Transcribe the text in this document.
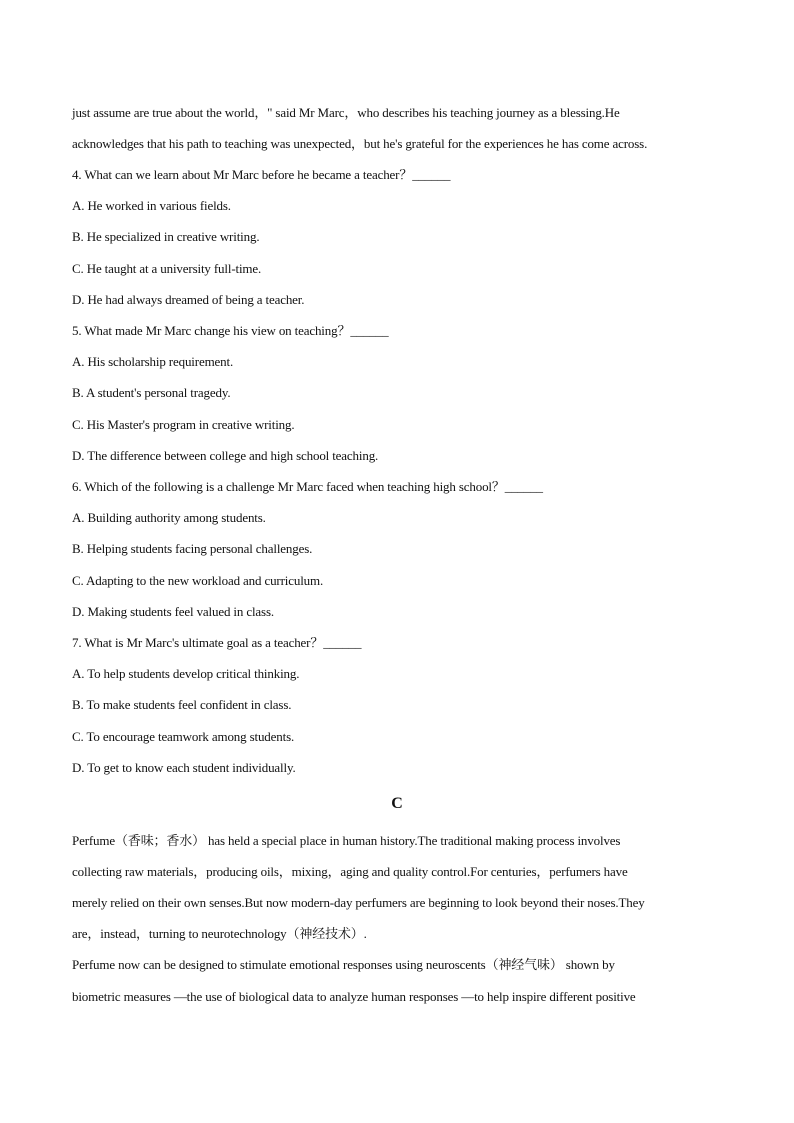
just assume are true about the world，" said Mr Marc，who describes his teaching journey as a blessing.He
acknowledges that his path to teaching was unexpected，but he's grateful for the experiences he has come across.
4. What can we learn about Mr Marc before he became a teacher？______
A. He worked in various fields.
B. He specialized in creative writing.
C. He taught at a university full-time.
D. He had always dreamed of being a teacher.
5. What made Mr Marc change his view on teaching？______
A. His scholarship requirement.
B. A student's personal tragedy.
C. His Master's program in creative writing.
D. The difference between college and high school teaching.
6. Which of the following is a challenge Mr Marc faced when teaching high school？______
A. Building authority among students.
B. Helping students facing personal challenges.
C. Adapting to the new workload and curriculum.
D. Making students feel valued in class.
7. What is Mr Marc's ultimate goal as a teacher？______
A. To help students develop critical thinking.
B. To make students feel confident in class.
C. To encourage teamwork among students.
D. To get to know each student individually.
C
Perfume（香味；香水） has held a special place in human history.The traditional making process involves
collecting raw materials，producing oils，mixing，aging and quality control.For centuries，perfumers have
merely relied on their own senses.But now modern-day perfumers are beginning to look beyond their noses.They
are，instead，turning to neurotechnology（神经技术）.
Perfume now can be designed to stimulate emotional responses using neuroscents（神经气味） shown by
biometric measures —the use of biological data to analyze human responses —to help inspire different positive
